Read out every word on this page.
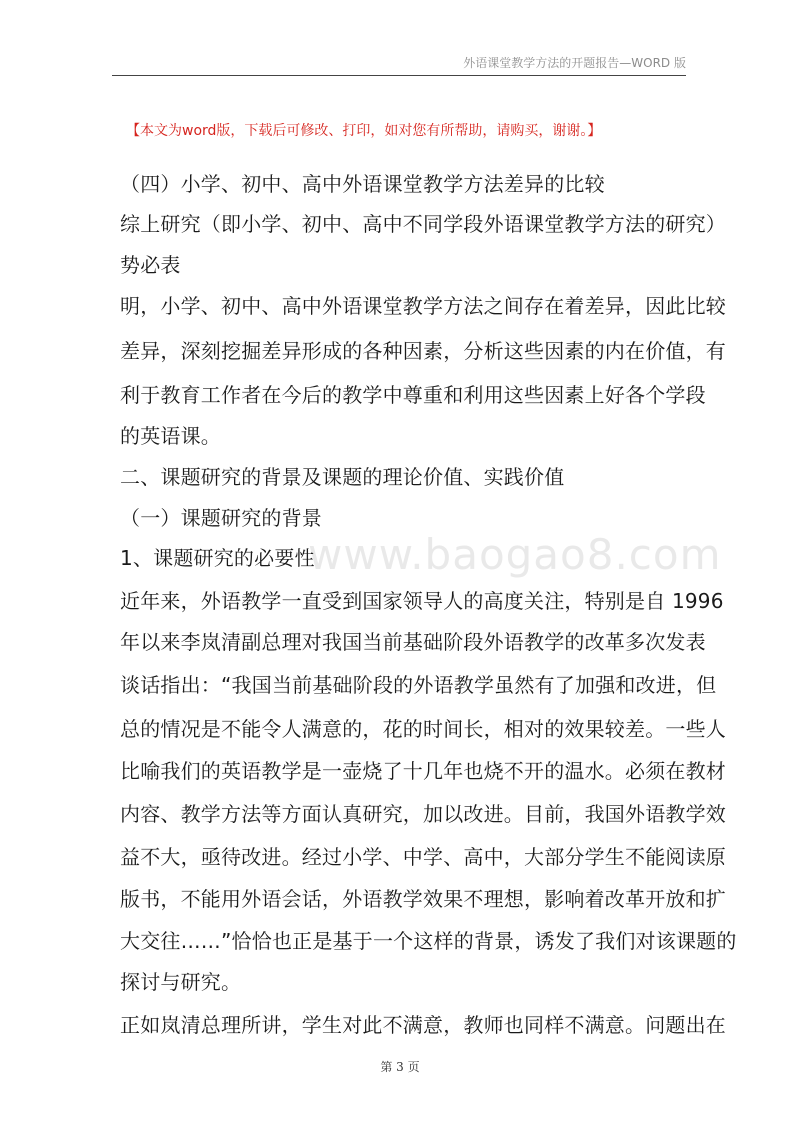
外语课堂教学方法的开题报告—WORD 版
【本文为word版，下载后可修改、打印，如对您有所帮助，请购买，谢谢。】
www.baogao8.com
（四）小学、初中、高中外语课堂教学方法差异的比较
综上研究（即小学、初中、高中不同学段外语课堂教学方法的研究）
势必表
明，小学、初中、高中外语课堂教学方法之间存在着差异，因此比较
差异，深刻挖掘差异形成的各种因素，分析这些因素的内在价值，有
利于教育工作者在今后的教学中尊重和利用这些因素上好各个学段
的英语课。
二、课题研究的背景及课题的理论价值、实践价值
（一）课题研究的背景
1、课题研究的必要性
近年来，外语教学一直受到国家领导人的高度关注，特别是自 1996
年以来李岚清副总理对我国当前基础阶段外语教学的改革多次发表
谈话指出：“我国当前基础阶段的外语教学虽然有了加强和改进，但
总的情况是不能令人满意的，花的时间长，相对的效果较差。一些人
比喻我们的英语教学是一壶烧了十几年也烧不开的温水。必须在教材
内容、教学方法等方面认真研究，加以改进。目前，我国外语教学效
益不大，亟待改进。经过小学、中学、高中，大部分学生不能阅读原
版书，不能用外语会话，外语教学效果不理想，影响着改革开放和扩
大交往……”恰恰也正是基于一个这样的背景，诱发了我们对该课题的
探讨与研究。
正如岚清总理所讲，学生对此不满意，教师也同样不满意。问题出在
第 3 页
